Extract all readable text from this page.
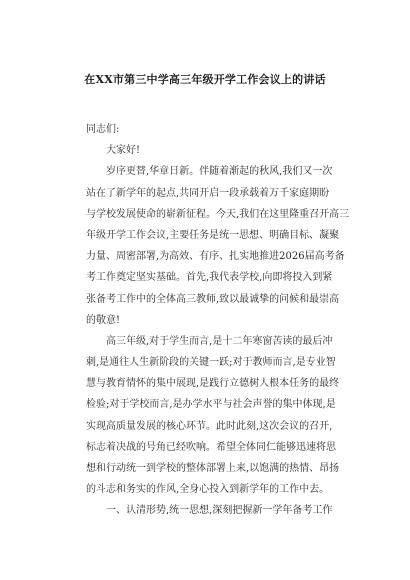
在XX市第三中学高三年级开学工作会议上的讲话
同志们:
大家好!
岁序更替,华章日新。伴随着渐起的秋风,我们又一次
站在了新学年的起点,共同开启一段承载着万千家庭期盼
与学校发展使命的崭新征程。今天,我们在这里隆重召开高三
年级开学工作会议,主要任务是统一思想、明确目标、凝聚
力量、周密部署,为高效、有序、扎实地推进2026届高考备
考工作奠定坚实基础。首先,我代表学校,向即将投入到紧
张备考工作中的全体高三教师,致以最诚挚的问候和最崇高
的敬意!
高三年级,对于学生而言,是十二年寒窗苦读的最后冲
刺,是通往人生新阶段的关键一跃;对于教师而言,是专业智
慧与教育情怀的集中展现,是践行立德树人根本任务的最终
检验;对于学校而言,是办学水平与社会声誉的集中体现,是
实现高质量发展的核心环节。此时此刻,这次会议的召开,
标志着决战的号角已经吹响。希望全体同仁能够迅速将思
想和行动统一到学校的整体部署上来,以饱满的热情、昂扬
的斗志和务实的作风,全身心投入到新学年的工作中去。
一、认清形势,统一思想,深刻把握新一学年备考工作
